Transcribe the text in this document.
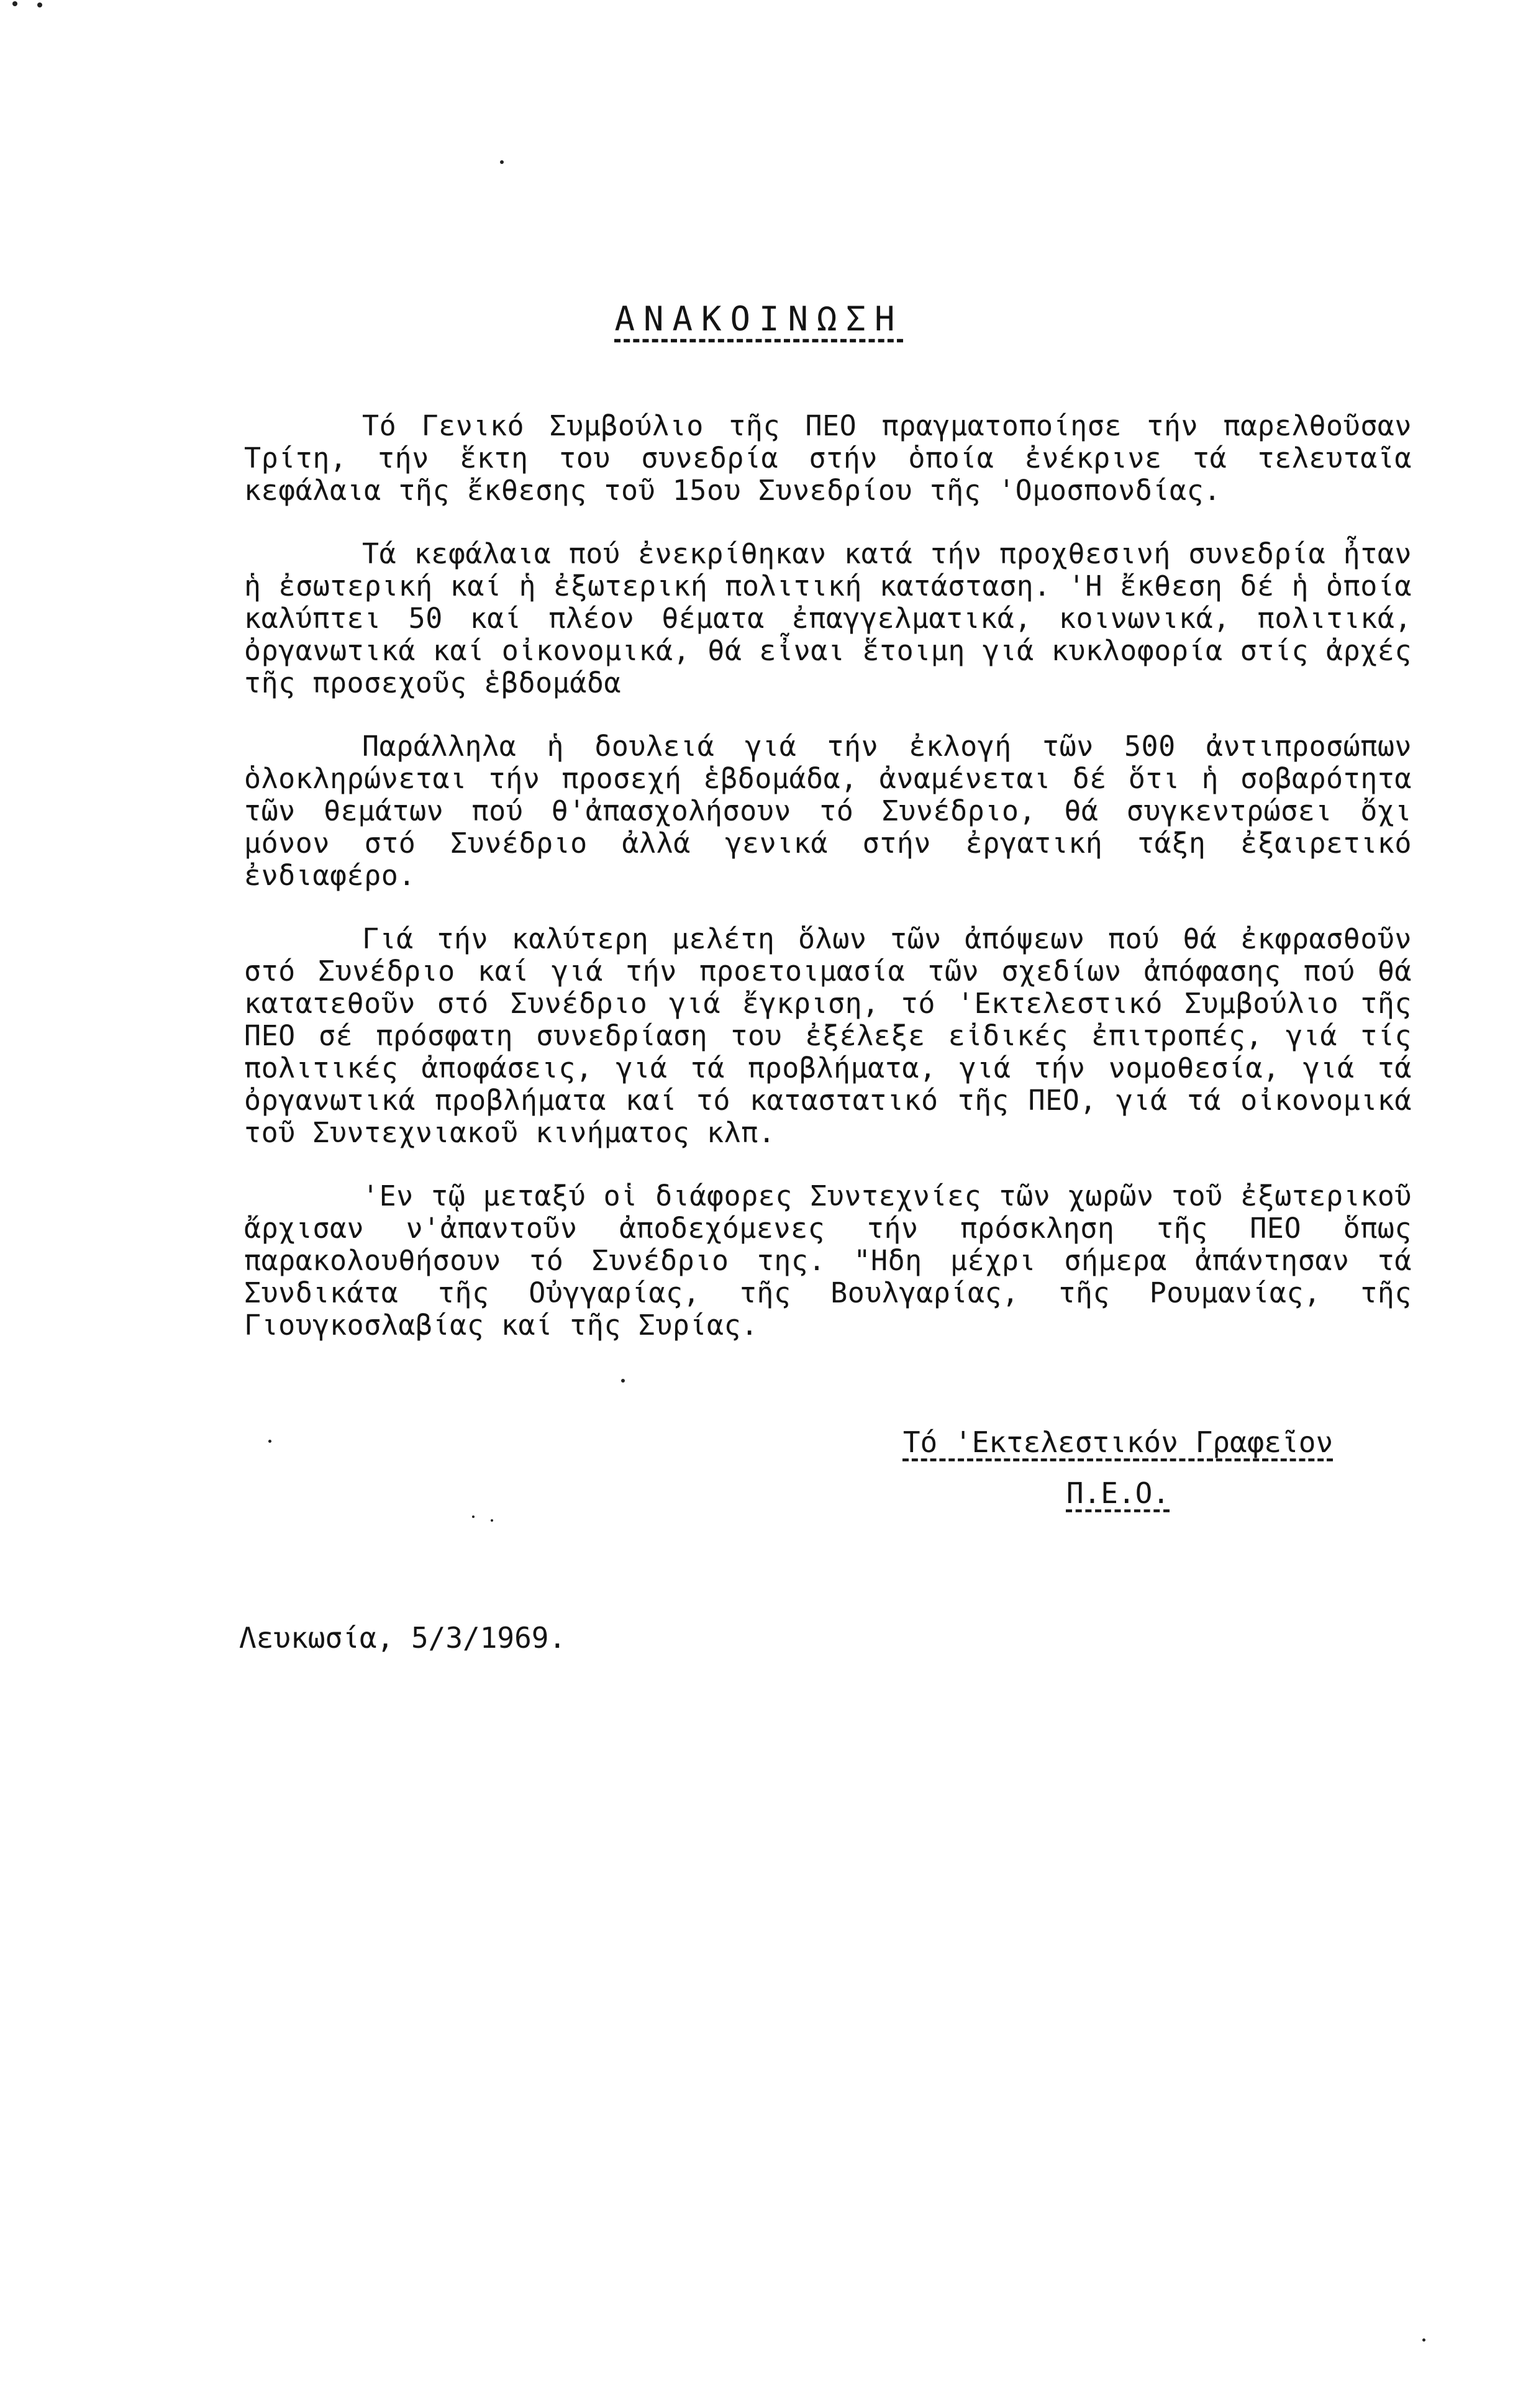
ΑΝΑΚΟΙΝΩΣΗ

Τό Γενικό Συμβούλιο τῆς ΠΕΟ πραγματοποίησε τήν παρελθοῦσαν Τρίτη, τήν ἕκτη του συνεδρία στήν ὁποία ἐνέκρινε τά τελευταῖα κεφάλαια τῆς ἔκθεσης τοῦ 15ου Συνεδρίου τῆς 'Ομοσπονδίας.

Τά κεφάλαια πού ἐνεκρίθηκαν κατά τήν προχθεσινή συνεδρία ἦταν ἡ ἐσωτερική καί ἡ ἐξωτερική πολιτική κατάσταση. 'Η ἔκθεση δέ ἡ ὁποία καλύπτει 50 καί πλέον θέματα ἐπαγγελματικά, κοινωνικά, πολιτικά, ὀργανωτικά καί οἰκονομικά, θά εἶναι ἕτοιμη γιά κυκλοφορία στίς ἀρχές τῆς προσεχοῦς ἑβδομάδα

Παράλληλα ἡ δουλειά γιά τήν ἐκλογή τῶν 500 ἀντιπροσώπων ὁλοκληρώνεται τήν προσεχή ἑβδομάδα, ἀναμένεται δέ ὅτι ἡ σοβαρότητα τῶν θεμάτων πού θ'ἀπασχολήσουν τό Συνέδριο, θά συγκεντρώσει ὄχι μόνον στό Συνέδριο ἀλλά γενικά στήν ἐργατική τάξη ἐξαιρετικό ἐνδιαφέρο.

Γιά τήν καλύτερη μελέτη ὅλων τῶν ἀπόψεων πού θά ἐκφρασθοῦν στό Συνέδριο καί γιά τήν προετοιμασία τῶν σχεδίων ἀπόφασης πού θά κατατεθοῦν στό Συνέδριο γιά ἔγκριση, τό 'Εκτελεστικό Συμβούλιο τῆς ΠΕΟ σέ πρόσφατη συνεδρίαση του ἐξέλεξε εἰδικές ἐπιτροπές, γιά τίς πολιτικές ἀποφάσεις, γιά τά προβλήματα, γιά τήν νομοθεσία, γιά τά ὀργανωτικά προβλήματα καί τό καταστατικό τῆς ΠΕΟ, γιά τά οἰκονομικά τοῦ Συντεχνιακοῦ κινήματος κλπ.

'Εν τῷ μεταξύ οἱ διάφορες Συντεχνίες τῶν χωρῶν τοῦ ἐξωτερικοῦ ἄρχισαν ν'ἀπαντοῦν ἀποδεχόμενες τήν πρόσκληση τῆς ΠΕΟ ὅπως παρακολουθήσουν τό Συνέδριο της. "Ηδη μέχρι σήμερα ἀπάντησαν τά Συνδικάτα τῆς Οὐγγαρίας, τῆς Βουλγαρίας, τῆς Ρουμανίας, τῆς Γιουγκοσλαβίας καί τῆς Συρίας.

Τό 'Εκτελεστικόν Γραφεῖον
Π.Ε.Ο.
Λευκωσία, 5/3/1969.
